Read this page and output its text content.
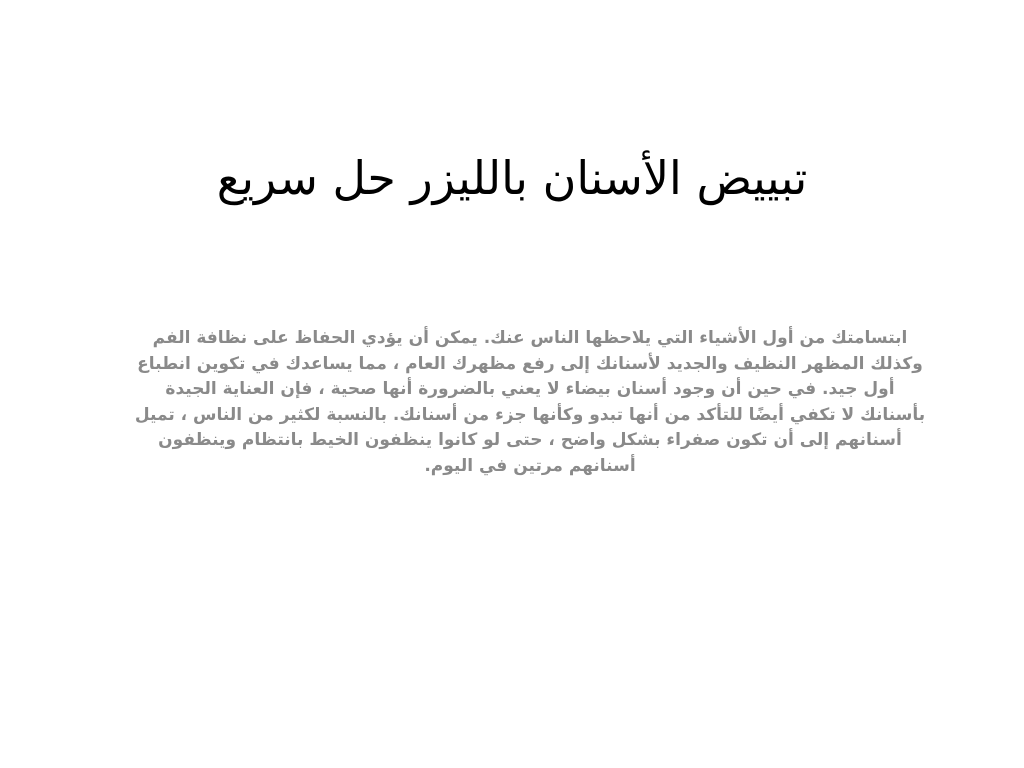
تبييض الأسنان بالليزر حل سريع

ابتسامتك من أول الأشياء التي يلاحظها الناس عنك. يمكن أن يؤدي الحفاظ على نظافة الفم وكذلك المظهر النظيف والجديد لأسنانك إلى رفع مظهرك العام ، مما يساعدك في تكوين انطباع أول جيد. في حين أن وجود أسنان بيضاء لا يعني بالضرورة أنها صحية ، فإن العناية الجيدة بأسنانك لا تكفي أيضًا للتأكد من أنها تبدو وكأنها جزء من أسنانك. بالنسبة لكثير من الناس ، تميل أسنانهم إلى أن تكون صفراء بشكل واضح ، حتى لو كانوا ينظفون الخيط بانتظام وينظفون أسنانهم مرتين في اليوم.
